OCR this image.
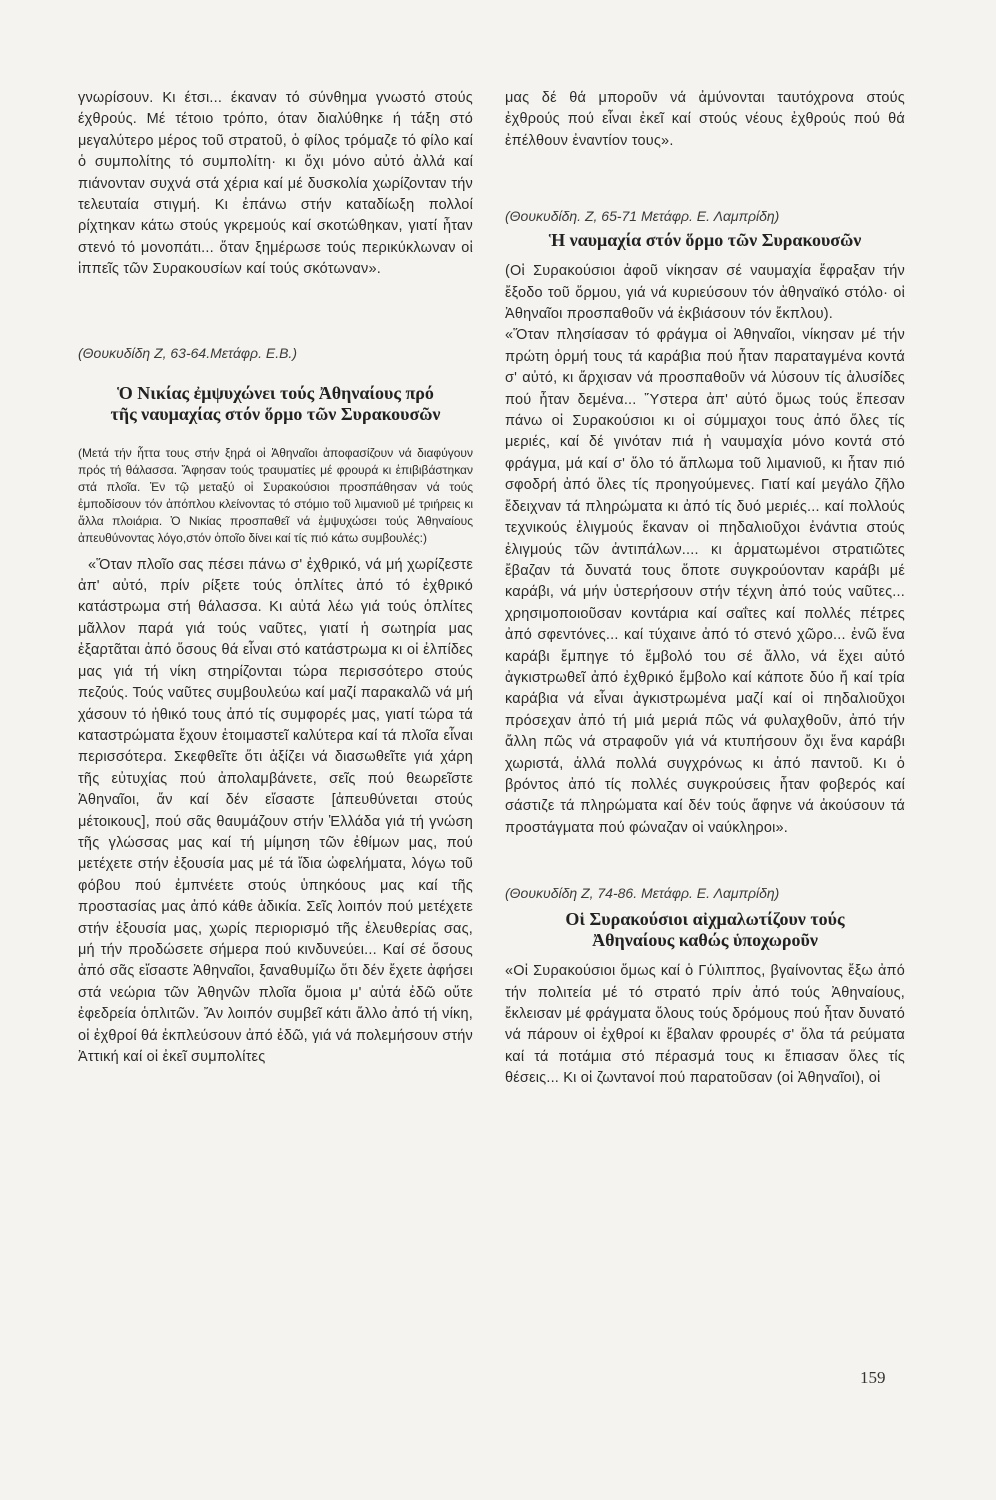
γνωρίσουν. Κι έτσι... έκαναν τό σύνθημα γνωστό στούς έχθρούς. Μέ τέτοιο τρόπο, όταν διαλύθηκε ή τάξη στό μεγαλύτερο μέρος τοῦ στρατοῦ, ὁ φίλος τρόμαζε τό φίλο καί ὁ συμπολίτης τό συμπολίτη· κι ὄχι μόνο αὐτό ἀλλά καί πιάνονταν συχνά στά χέρια καί μέ δυσκολία χωρίζονταν τήν τελευταία στιγμή. Κι ἐπάνω στήν καταδίωξη πολλοί ρίχτηκαν κάτω στούς γκρεμούς καί σκοτώθηκαν, γιατί ἦταν στενό τό μονοπάτι... ὅταν ξημέρωσε τούς περικύκλωναν οἱ ἱππεῖς τῶν Συρακουσίων καί τούς σκότωναν».

(Θουκυδίδη Ζ, 63-64.Μετάφρ. Ε.Β.)

Ὁ Νικίας ἐμψυχώνει τούς Ἀθηναίους πρό τῆς ναυμαχίας στόν ὅρμο τῶν Συρακουσῶν

(Μετά τήν ἧττα τους στήν ξηρά οἱ Ἀθηναῖοι ἀποφασίζουν νά διαφύγουν πρός τή θάλασσα. Ἄφησαν τούς τραυματίες μέ φρουρά κι ἐπιβιβάστηκαν στά πλοῖα. Ἐν τῷ μεταξύ οἱ Συρακούσιοι προσπάθησαν νά τούς ἐμποδίσουν τόν ἀπόπλου κλείνοντας τό στόμιο τοῦ λιμανιοῦ μέ τριήρεις κι ἄλλα πλοιάρια. Ὁ Νικίας προσπαθεῖ νά ἐμψυχώσει τούς Ἀθηναίους ἀπευθύνοντας λόγο,στόν ὁποῖο δίνει καί τίς πιό κάτω συμβουλές:)

«Ὅταν πλοῖο σας πέσει πάνω σ' ἐχθρικό, νά μή χωρίζεστε ἀπ' αὐτό, πρίν ρίξετε τούς ὁπλίτες ἀπό τό ἐχθρικό κατάστρωμα στή θάλασσα. Κι αὐτά λέω γιά τούς ὁπλίτες μᾶλλον παρά γιά τούς ναῦτες, γιατί ἡ σωτηρία μας ἐξαρτᾶται ἀπό ὅσους θά εἶναι στό κατάστρωμα κι οἱ ἐλπίδες μας γιά τή νίκη στηρίζονται τώρα περισσότερο στούς πεζούς. Τούς ναῦτες συμβουλεύω καί μαζί παρακαλῶ νά μή χάσουν τό ἠθικό τους ἀπό τίς συμφορές μας, γιατί τώρα τά καταστρώματα ἔχουν ἑτοιμαστεῖ καλύτερα καί τά πλοῖα εἶναι περισσότερα. Σκεφθεῖτε ὅτι ἀξίζει νά διασωθεῖτε γιά χάρη τῆς εὐτυχίας πού ἀπολαμβάνετε, σεῖς πού θεωρεῖστε Ἀθηναῖοι, ἄν καί δέν εἴσαστε [ἀπευθύνεται στούς μέτοικους], πού σᾶς θαυμάζουν στήν Ἑλλάδα γιά τή γνώση τῆς γλώσσας μας καί τή μίμηση τῶν ἐθίμων μας, πού μετέχετε στήν ἐξουσία μας μέ τά ἴδια ὠφελήματα, λόγω τοῦ φόβου πού ἐμπνέετε στούς ὑπηκόους μας καί τῆς προστασίας μας ἀπό κάθε ἀδικία. Σεῖς λοιπόν πού μετέχετε στήν ἐξουσία μας, χωρίς περιορισμό τῆς ἐλευθερίας σας, μή τήν προδώσετε σήμερα πού κινδυνεύει... Καί σέ ὅσους ἀπό σᾶς εἴσαστε Ἀθηναῖοι, ξαναθυμίζω ὅτι δέν ἔχετε ἀφήσει στά νεώρια τῶν Ἀθηνῶν πλοῖα ὅμοια μ' αὐτά ἐδῶ οὔτε ἐφεδρεία ὁπλιτῶν. Ἄν λοιπόν συμβεῖ κάτι ἄλλο ἀπό τή νίκη, οἱ ἐχθροί θά ἐκπλεύσουν ἀπό ἐδῶ, γιά νά πολεμήσουν στήν Ἀττική καί οἱ ἐκεῖ συμπολίτες

μας δέ θά μποροῦν νά ἀμύνονται ταυτόχρονα στούς ἐχθρούς πού εἶναι ἐκεῖ καί στούς νέους ἐχθρούς πού θά ἐπέλθουν ἐναντίον τους».

(Θουκυδίδη. Ζ, 65-71 Μετάφρ. Ε. Λαμπρίδη)

Ἡ ναυμαχία στόν ὅρμο τῶν Συρακουσῶν

(Οἱ Συρακούσιοι ἀφοῦ νίκησαν σέ ναυμαχία ἔφραξαν τήν ἔξοδο τοῦ ὅρμου, γιά νά κυριεύσουν τόν ἀθηναϊκό στόλο· οἱ Ἀθηναῖοι προσπαθοῦν νά ἐκβιάσουν τόν ἔκπλου).

«Ὅταν πλησίασαν τό φράγμα οἱ Ἀθηναῖοι, νίκησαν μέ τήν πρώτη ὁρμή τους τά καράβια πού ἦταν παραταγμένα κοντά σ' αὐτό, κι ἄρχισαν νά προσπαθοῦν νά λύσουν τίς ἁλυσίδες πού ἦταν δεμένα... Ὕστερα ἀπ' αὐτό ὅμως τούς ἔπεσαν πάνω οἱ Συρακούσιοι κι οἱ σύμμαχοι τους ἀπό ὅλες τίς μεριές, καί δέ γινόταν πιά ἡ ναυμαχία μόνο κοντά στό φράγμα, μά καί σ' ὅλο τό ἄπλωμα τοῦ λιμανιοῦ, κι ἦταν πιό σφοδρή ἀπό ὅλες τίς προηγούμενες. Γιατί καί μεγάλο ζῆλο ἔδειχναν τά πληρώματα κι ἀπό τίς δυό μεριές... καί πολλούς τεχνικούς ἑλιγμούς ἔκαναν οἱ πηδαλιοῦχοι ἐνάντια στούς ἑλιγμούς τῶν ἀντιπάλων.... κι ἁρματωμένοι στρατιῶτες ἔβαζαν τά δυνατά τους ὅποτε συγκρούονταν καράβι μέ καράβι, νά μήν ὑστερήσουν στήν τέχνη ἀπό τούς ναῦτες... χρησιμοποιοῦσαν κοντάρια καί σαΐτες καί πολλές πέτρες ἀπό σφεντόνες... καί τύχαινε ἀπό τό στενό χῶρο... ἐνῶ ἕνα καράβι ἔμπηγε τό ἔμβολό του σέ ἄλλο, νά ἔχει αὐτό ἀγκιστρωθεῖ ἀπό ἐχθρικό ἔμβολο καί κάποτε δύο ἤ καί τρία καράβια νά εἶναι ἀγκιστρωμένα μαζί καί οἱ πηδαλιοῦχοι πρόσεχαν ἀπό τή μιά μεριά πῶς νά φυλαχθοῦν, ἀπό τήν ἄλλη πῶς νά στραφοῦν γιά νά κτυπήσουν ὄχι ἕνα καράβι χωριστά, ἀλλά πολλά συγχρόνως κι ἀπό παντοῦ. Κι ὁ βρόντος ἀπό τίς πολλές συγκρούσεις ἦταν φοβερός καί σάστιζε τά πληρώματα καί δέν τούς ἄφηνε νά ἀκούσουν τά προστάγματα πού φώναζαν οἱ ναύκληροι».

(Θουκυδίδη Ζ, 74-86. Μετάφρ. Ε. Λαμπρίδη)

Οἱ Συρακούσιοι αἰχμαλωτίζουν τούς Ἀθηναίους καθώς ὑποχωροῦν

«Οἱ Συρακούσιοι ὅμως καί ὁ Γύλιππος, βγαίνοντας ἔξω ἀπό τήν πολιτεία μέ τό στρατό πρίν ἀπό τούς Ἀθηναίους, ἔκλεισαν μέ φράγματα ὅλους τούς δρόμους πού ἦταν δυνατό νά πάρουν οἱ ἐχθροί κι ἔβαλαν φρουρές σ' ὅλα τά ρεύματα καί τά ποτάμια στό πέρασμά τους κι ἔπιασαν ὅλες τίς θέσεις... Κι οἱ ζωντανοί πού παρατοῦσαν (οἱ Ἀθηναῖοι), οἱ

159
